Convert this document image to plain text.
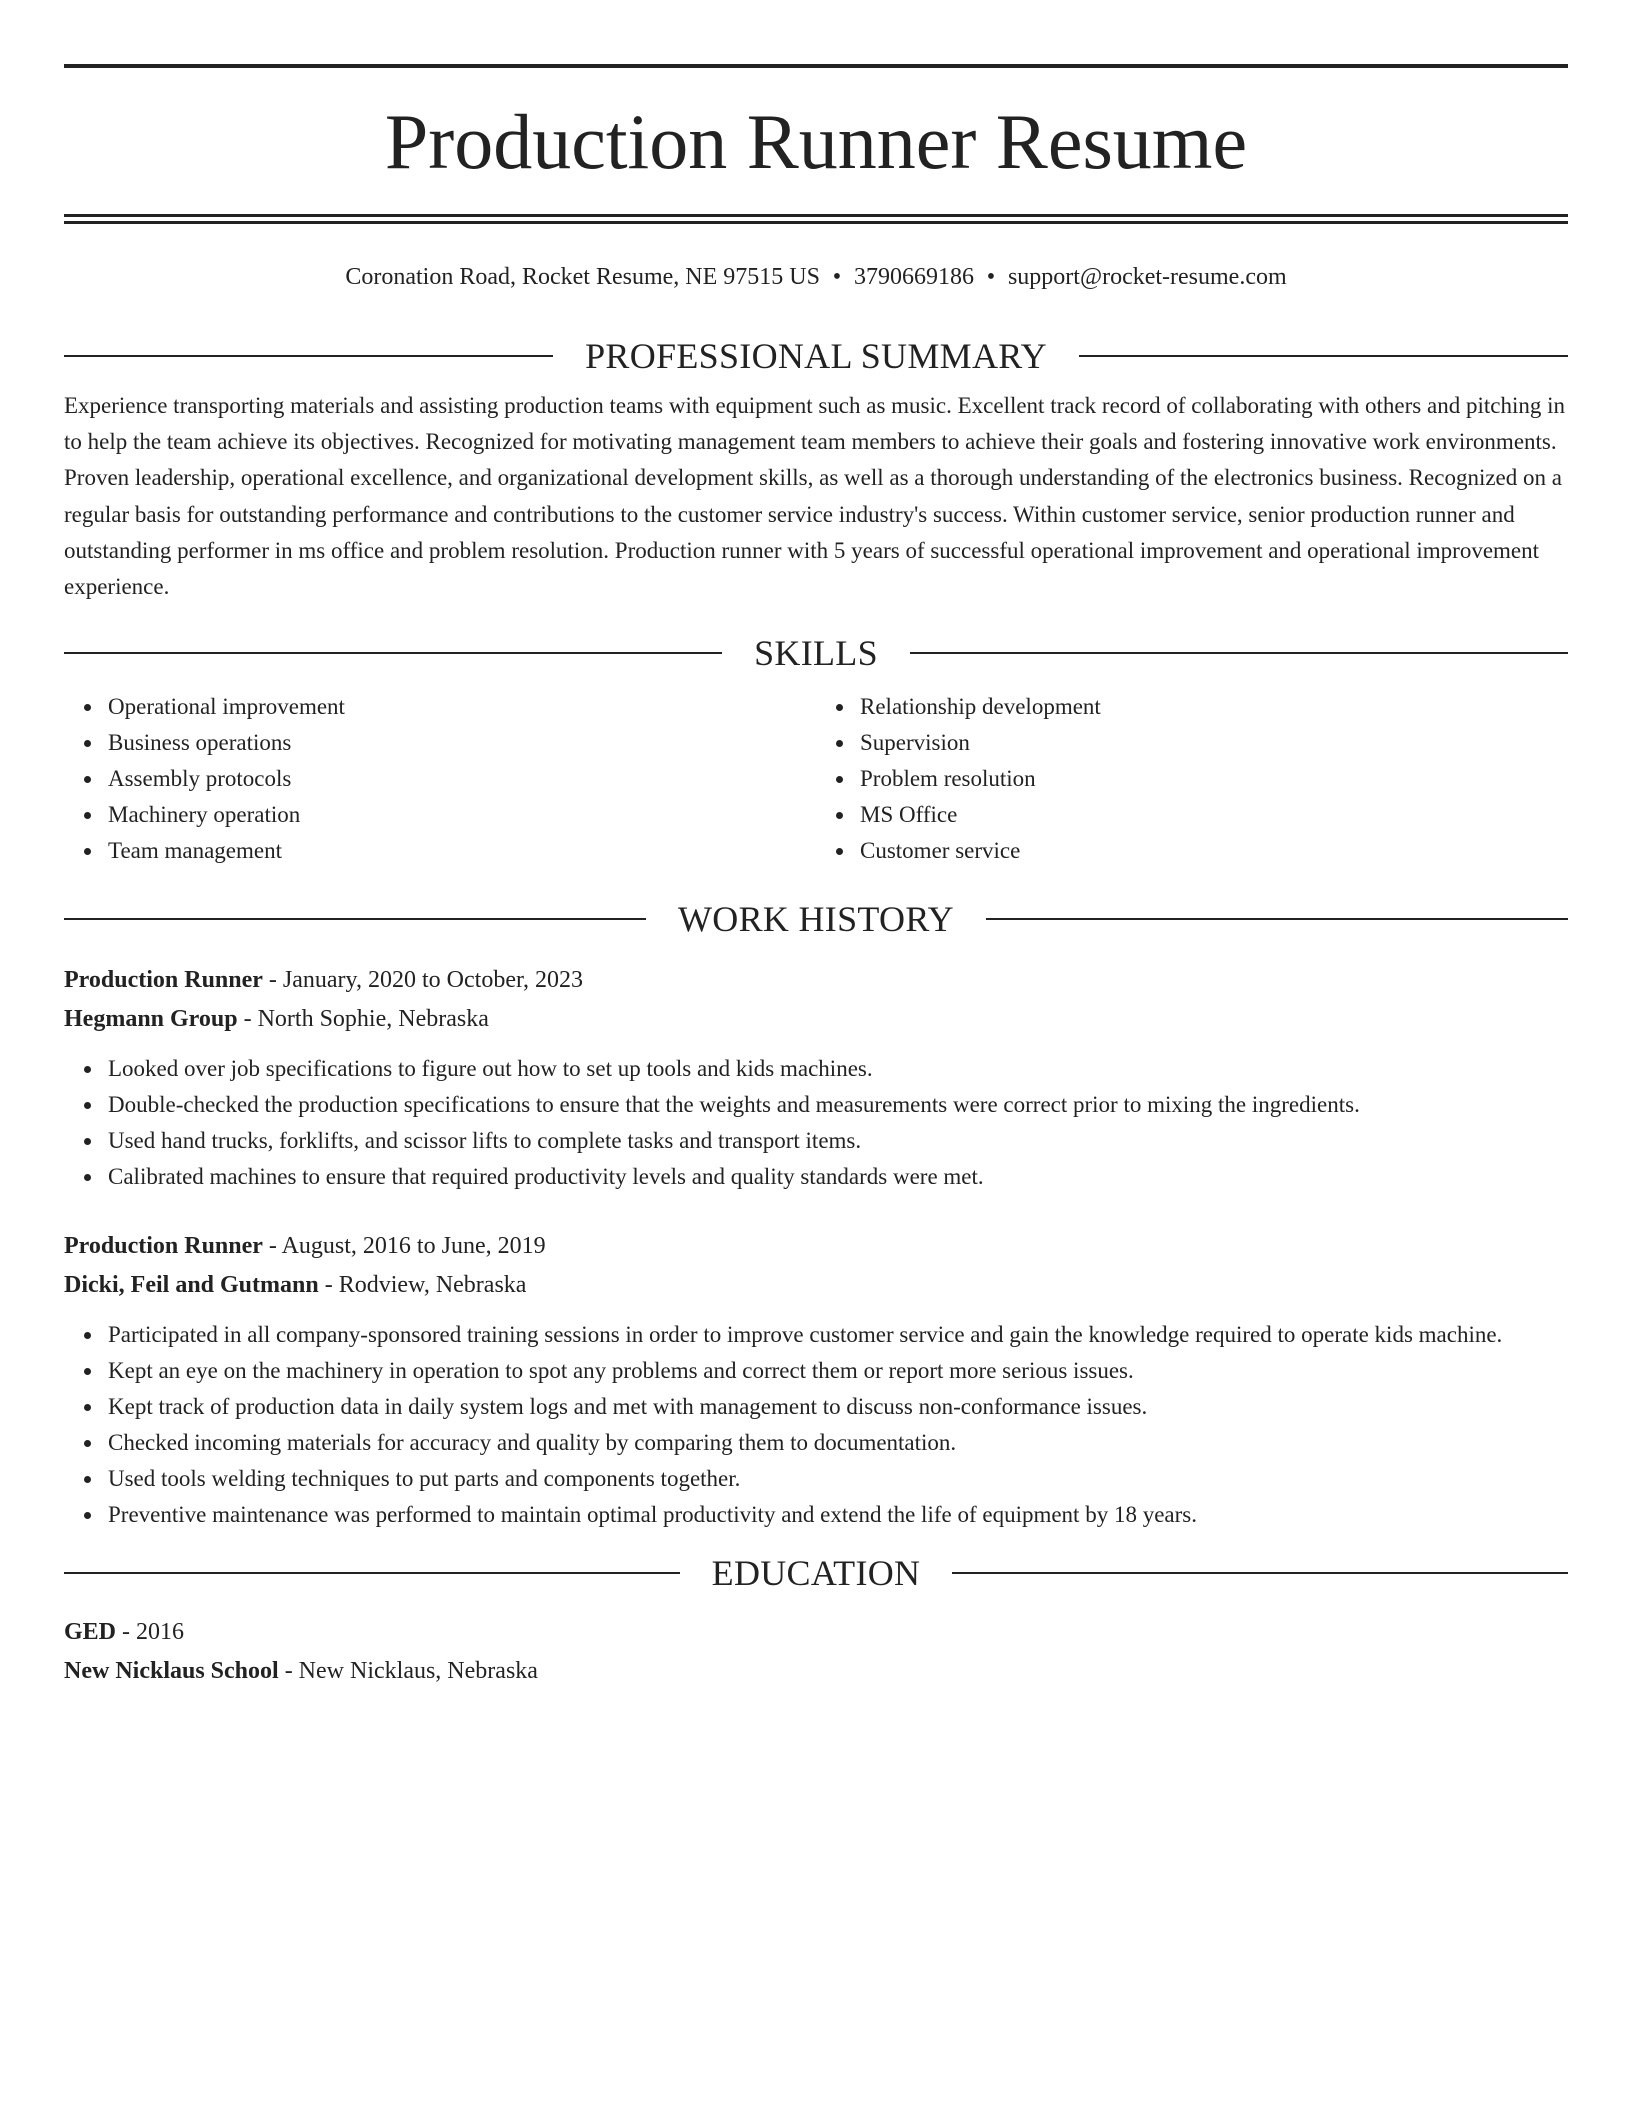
Production Runner Resume
Coronation Road, Rocket Resume, NE 97515 US • 3790669186 • support@rocket-resume.com
PROFESSIONAL SUMMARY

Experience transporting materials and assisting production teams with equipment such as music. Excellent track record of collaborating with others and pitching in to help the team achieve its objectives. Recognized for motivating management team members to achieve their goals and fostering innovative work environments. Proven leadership, operational excellence, and organizational development skills, as well as a thorough understanding of the electronics business. Recognized on a regular basis for outstanding performance and contributions to the customer service industry's success. Within customer service, senior production runner and outstanding performer in ms office and problem resolution. Production runner with 5 years of successful operational improvement and operational improvement experience.

SKILLS
Operational improvement
Business operations
Assembly protocols
Machinery operation
Team management
Relationship development
Supervision
Problem resolution
MS Office
Customer service
WORK HISTORY
Production Runner - January, 2020 to October, 2023
Hegmann Group - North Sophie, Nebraska
Looked over job specifications to figure out how to set up tools and kids machines.
Double-checked the production specifications to ensure that the weights and measurements were correct prior to mixing the ingredients.
Used hand trucks, forklifts, and scissor lifts to complete tasks and transport items.
Calibrated machines to ensure that required productivity levels and quality standards were met.
Production Runner - August, 2016 to June, 2019
Dicki, Feil and Gutmann - Rodview, Nebraska
Participated in all company-sponsored training sessions in order to improve customer service and gain the knowledge required to operate kids machine.
Kept an eye on the machinery in operation to spot any problems and correct them or report more serious issues.
Kept track of production data in daily system logs and met with management to discuss non-conformance issues.
Checked incoming materials for accuracy and quality by comparing them to documentation.
Used tools welding techniques to put parts and components together.
Preventive maintenance was performed to maintain optimal productivity and extend the life of equipment by 18 years.
EDUCATION
GED - 2016
New Nicklaus School - New Nicklaus, Nebraska
